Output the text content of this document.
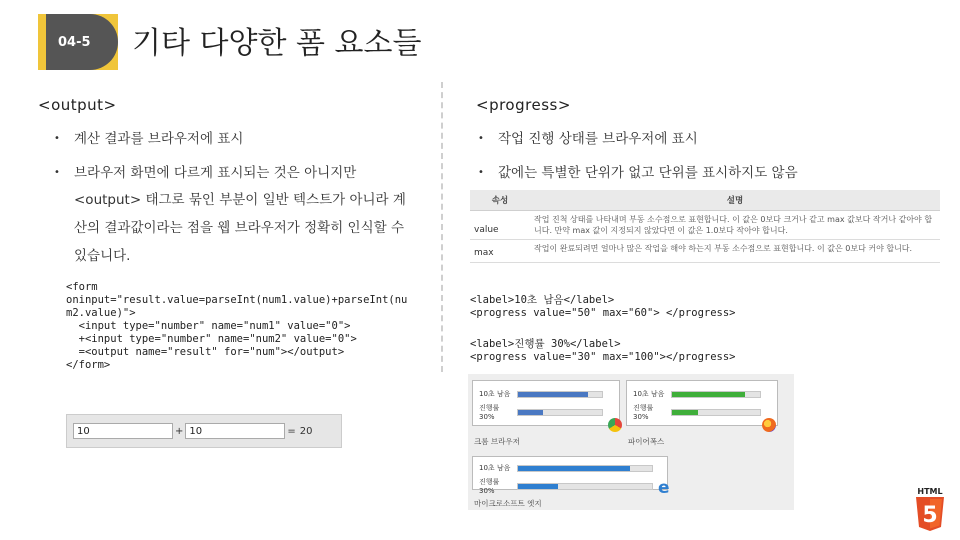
04-5	기타 다양한 폼 요소들
<output>
• 계산 결과를 브라우저에 표시
• 브라우저 화면에 다르게 표시되는 것은 아니지만
<output> 태그로 묶인 부분이 일반 텍스트가 아니라 계
산의 결과값이라는 점을 웹 브라우저가 정확히 인식할 수
있습니다.
<form
oninput="result.value=parseInt(num1.value)+parseInt(nu
m2.value)">
<input type="number" name="num1" value="0">
+<input type="number" name="num2" value="0">
=<output name="result" for="num"></output>
</form>
10
+
10	= 20
<progress>
• 작업 진행 상태를 브라우저에 표시
• 값에는 특별한 단위가 없고 단위를 표시하지도 않음
속성	설명
value	작업 진척 상태를 나타내며 부동 소수점으로 표현합니다. 이 값은 0보다 크거나 같고 max 값보다 작거나 같아야 합니다. 만약 max 값이 지정되지 않았다면 이 값은 1.0보다 작아야 합니다.
max	작업이 완료되려면 얼마나 많은 작업을 해야 하는지 부동 소수점으로 표현합니다. 이 값은 0보다 커야 합니다.
<label>10초 남음</label>
<progress value="50" max="60"> </progress>
<label>진행률 30%</label>
<progress value="30" max="100"></progress>
10초 남음
진행률 30%
크롬 브라우저
10초 남음
진행률 30%
파이어폭스
10초 남음
진행률 30%	e
마이크로소프트 엣지
HTML
5
